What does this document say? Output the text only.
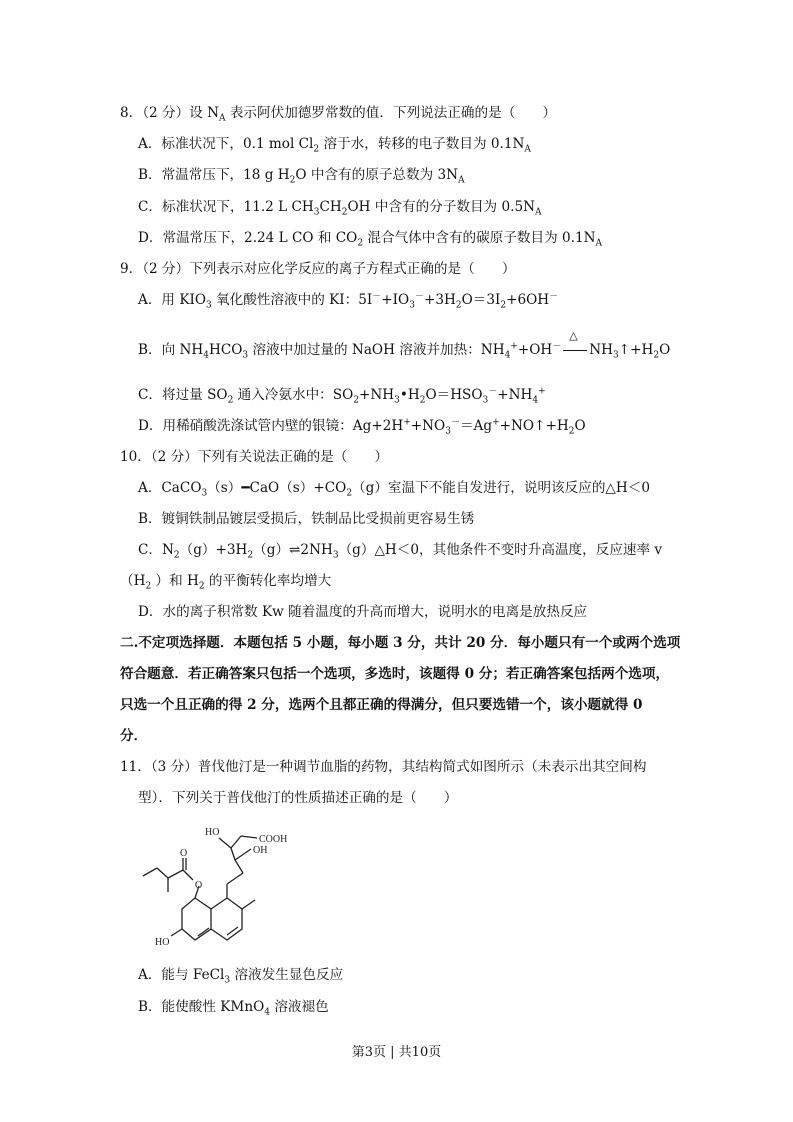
8．（2 分）设 $N_A$ 表示阿伏加德罗常数的值．下列说法正确的是（　　）
A．标准状况下，0.1 mol $Cl_2$ 溶于水，转移的电子数目为 $0.1N_A$
B．常温常压下，18 g $H_2O$ 中含有的原子总数为 $3N_A$
C．标准状况下，11.2 L $CH_3CH_2OH$ 中含有的分子数目为 $0.5N_A$
D．常温常压下，2.24 L CO 和 $CO_2$ 混合气体中含有的碳原子数目为 $0.1N_A$
9．（2 分）下列表示对应化学反应的离子方程式正确的是（　　）
A．用 $KIO_3$ 氧化酸性溶液中的 KI：$5I^-+IO_3^-+3H_2O=3I_2+6OH^-$
B．向 $NH_4HCO_3$ 溶液中加过量的 NaOH 溶液并加热：$NH_4^++OH^-$
△
$NH_3↑+H_2O$
C．将过量 $SO_2$ 通入冷氨水中：$SO_2+NH_3•H_2O=HSO_3^-+NH_4^+$
D．用稀硝酸洗涤试管内壁的银镜：$Ag+2H^++NO_3^-=Ag^++NO↑+H_2O$
10．（2 分）下列有关说法正确的是（　　）
A．$CaCO_3(s)━CaO(s)+CO_2(g)$室温下不能自发进行，说明该反应的△H＜0
B．镀铜铁制品镀层受损后，铁制品比受损前更容易生锈
C．$N_2(g)+3H_2(g)\rightleftharpoons 2NH_3(g)\triangle H<0$，其他条件不变时升高温度，反应速率 v
（$H_2$ ）和 $H_2$ 的平衡转化率均增大
D．水的离子积常数 Kw 随着温度的升高而增大，说明水的电离是放热反应
二.不定项选择题．本题包括 5 小题，每小题 3 分，共计 20 分．每小题只有一个或两个选项
符合题意．若正确答案只包括一个选项，多选时，该题得 0 分；若正确答案包括两个选项，
只选一个且正确的得 2 分，选两个且都正确的得满分，但只要选错一个，该小题就得 0
分．
11．（3 分）普伐他汀是一种调节血脂的药物，其结构简式如图所示（未表示出其空间构
型）．下列关于普伐他汀的性质描述正确的是（　　）
HO
COOH
OH
HO
O
O
A．能与 FeCl$_3$ 溶液发生显色反应
B．能使酸性 KMnO$_4$ 溶液褪色
第3页 | 共10页
